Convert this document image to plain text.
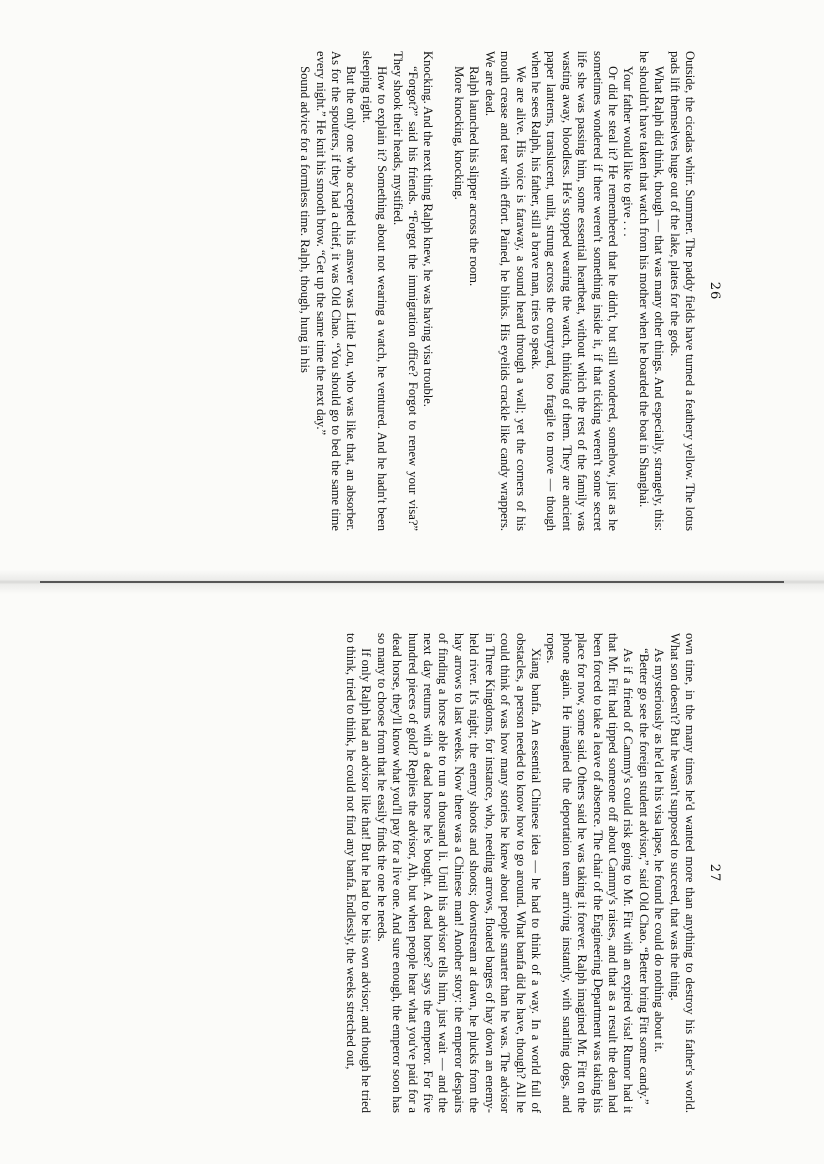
26

Outside, the cicadas whirr. Summer. The paddy fields have turned a feathery yellow. The lotus pads lift themselves huge out of the lake, plates for the gods.

What Ralph did think, though — that was many other things. And especially, strangely, this: he shouldn't have taken that watch from his mother when he boarded the boat in Shanghai.

Your father would like to give . . .

Or did he steal it? He remembered that he didn't, but still wondered, somehow, just as he sometimes wondered if there weren't something inside it, if that ticking weren't some secret life she was passing him, some essential heartbeat, without which the rest of the family was wasting away, bloodless. He's stopped wearing the watch, thinking of them. They are ancient paper lanterns, translucent, unlit, strung across the courtyard, too fragile to move — though when he sees Ralph, his father, still a brave man, tries to speak.

We are alive. His voice is faraway, a sound heard through a wall; yet the corners of his mouth crease and tear with effort. Pained, he blinks. His eyelids crackle like candy wrappers. We are dead.

Ralph launched his slipper across the room.

More knocking, knocking.

Knocking. And the next thing Ralph knew, he was having visa trouble.

“Forgot?” said his friends. “Forgot the immigration office? Forgot to renew your visa?” They shook their heads, mystified.

How to explain it? Something about not wearing a watch, he ventured. And he hadn't been sleeping right.

But the only one who accepted his answer was Little Lou, who was like that, an absorber. As for the spouters, if they had a chief, it was Old Chao. “You should go to bed the same time every night.” He knit his smooth brow. “Get up the same time the next day.”

Sound advice for a formless time. Ralph, though, hung in his

27

own time, in the many times he'd wanted more than anything to destroy his father's world. What son doesn't? But he wasn't supposed to succeed, that was the thing.

As mysteriously as he'd let his visa lapse, he found he could do nothing about it.

“Better go see the foreign student advisor,” said Old Chao. “Better bring Fitt some candy.”

As if a friend of Cammy's could risk going to Mr. Fitt with an expired visa! Rumor had it that Mr. Fitt had tipped someone off about Cammy's raises, and that as a result the dean had been forced to take a leave of absence. The chair of the Engineering Department was taking his place for now, some said. Others said he was taking it forever. Ralph imagined Mr. Fitt on the phone again. He imagined the deportation team arriving instantly, with snarling dogs, and ropes.

Xiang banfa. An essential Chinese idea — he had to think of a way. In a world full of obstacles, a person needed to know how to go around. What banfa did he have, though? All he could think of was how many stories he knew about people smarter than he was. The advisor in Three Kingdoms, for instance, who, needing arrows, floated barges of hay down an enemy-held river. It's night; the enemy shoots and shoots; downstream at dawn, he plucks from the hay arrows to last weeks. Now there was a Chinese man! Another story: the emperor despairs of finding a horse able to run a thousand li. Until his advisor tells him, just wait — and the next day returns with a dead horse he's bought. A dead horse? says the emperor. For five hundred pieces of gold? Replies the advisor, Ah, but when people hear what you've paid for a dead horse, they'll know what you'll pay for a live one. And sure enough, the emperor soon has so many to choose from that he easily finds the one he needs.

If only Ralph had an advisor like that! But he had to be his own advisor; and though he tried to think, tried to think, he could not find any banfa. Endlessly, the weeks stretched out,
